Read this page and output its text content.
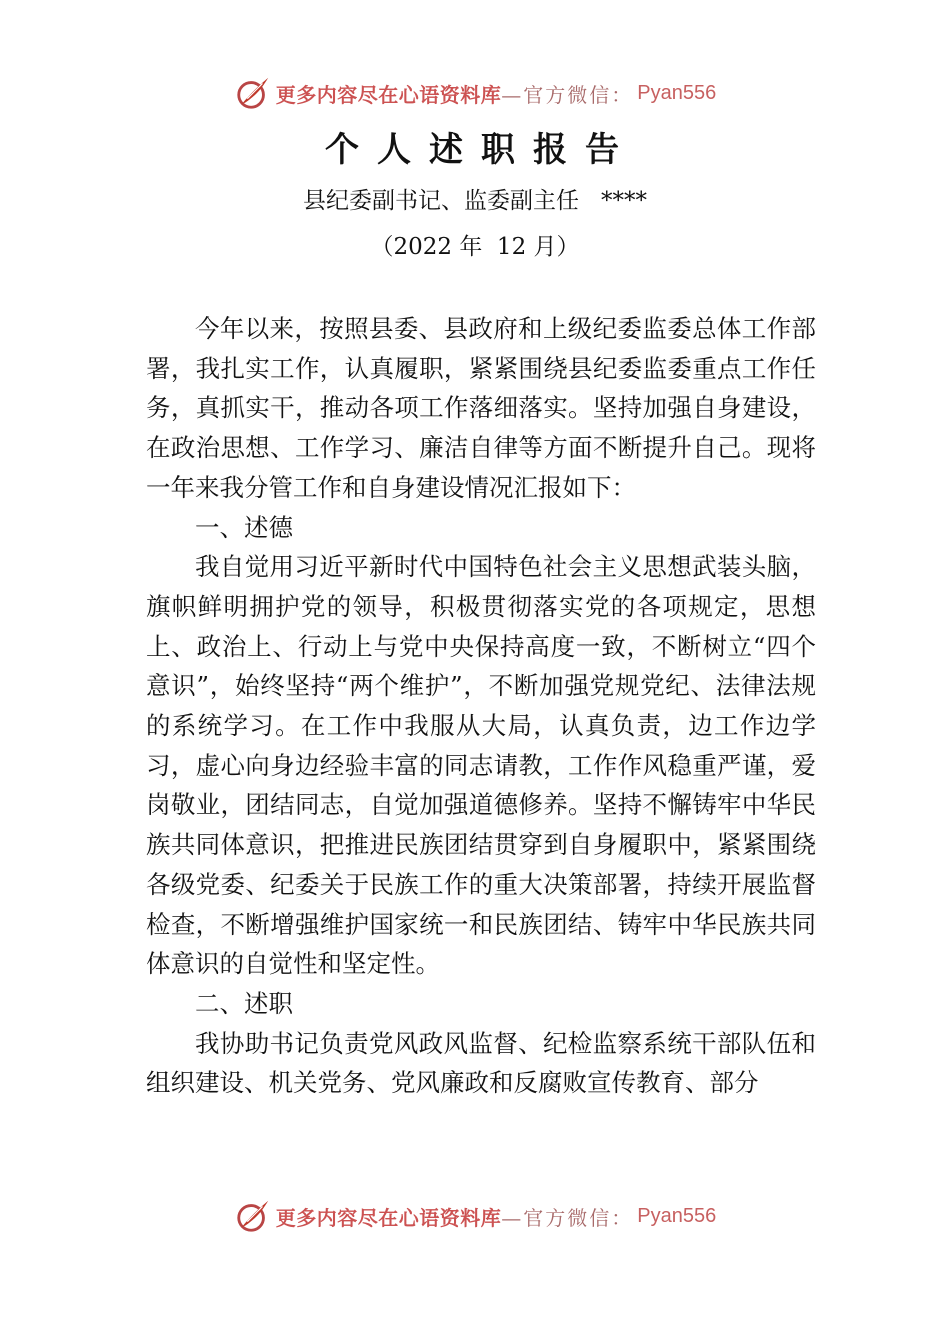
更多内容尽在心语资料库 —官方微信： Pyan556
个人述职报告
县纪委副书记、监委副主任   ****
（2022 年  12 月）

今年以来，按照县委、县政府和上级纪委监委总体工作部署，我扎实工作，认真履职，紧紧围绕县纪委监委重点工作任务，真抓实干，推动各项工作落细落实。坚持加强自身建设，在政治思想、工作学习、廉洁自律等方面不断提升自己。现将一年来我分管工作和自身建设情况汇报如下：

一、述德

我自觉用习近平新时代中国特色社会主义思想武装头脑，旗帜鲜明拥护党的领导，积极贯彻落实党的各项规定，思想上、政治上、行动上与党中央保持高度一致，不断树立“四个意识”，始终坚持“两个维护”，不断加强党规党纪、法律法规的系统学习。在工作中我服从大局，认真负责，边工作边学习，虚心向身边经验丰富的同志请教，工作作风稳重严谨，爱岗敬业，团结同志，自觉加强道德修养。坚持不懈铸牢中华民族共同体意识，把推进民族团结贯穿到自身履职中，紧紧围绕各级党委、纪委关于民族工作的重大决策部署，持续开展监督检查，不断增强维护国家统一和民族团结、铸牢中华民族共同体意识的自觉性和坚定性。

二、述职

我协助书记负责党风政风监督、纪检监察系统干部队伍和组织建设、机关党务、党风廉政和反腐败宣传教育、部分

更多内容尽在心语资料库 —官方微信： Pyan556
